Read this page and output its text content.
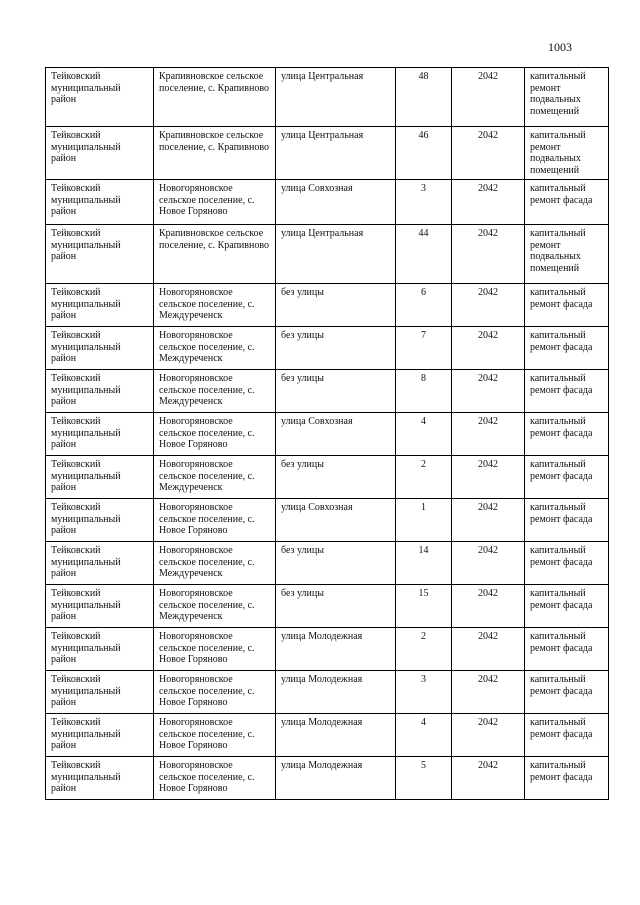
1003
Тейковский муниципальный район	Крапивновское сельское поселение, с. Крапивново	улица Центральная	48	2042	капитальный ремонт подвальных помещений
Тейковский муниципальный район	Крапивновское сельское поселение, с. Крапивново	улица Центральная	46	2042	капитальный ремонт подвальных помещений
Тейковский муниципальный район	Новогоряновское сельское поселение, с. Новое Горяново	улица Совхозная	3	2042	капитальный ремонт фасада
Тейковский муниципальный район	Крапивновское сельское поселение, с. Крапивново	улица Центральная	44	2042	капитальный ремонт подвальных помещений
Тейковский муниципальный район	Новогоряновское сельское поселение, с. Междуреченск	без улицы	6	2042	капитальный ремонт фасада
Тейковский муниципальный район	Новогоряновское сельское поселение, с. Междуреченск	без улицы	7	2042	капитальный ремонт фасада
Тейковский муниципальный район	Новогоряновское сельское поселение, с. Междуреченск	без улицы	8	2042	капитальный ремонт фасада
Тейковский муниципальный район	Новогоряновское сельское поселение, с. Новое Горяново	улица Совхозная	4	2042	капитальный ремонт фасада
Тейковский муниципальный район	Новогоряновское сельское поселение, с. Междуреченск	без улицы	2	2042	капитальный ремонт фасада
Тейковский муниципальный район	Новогоряновское сельское поселение, с. Новое Горяново	улица Совхозная	1	2042	капитальный ремонт фасада
Тейковский муниципальный район	Новогоряновское сельское поселение, с. Междуреченск	без улицы	14	2042	капитальный ремонт фасада
Тейковский муниципальный район	Новогоряновское сельское поселение, с. Междуреченск	без улицы	15	2042	капитальный ремонт фасада
Тейковский муниципальный район	Новогоряновское сельское поселение, с. Новое Горяново	улица Молодежная	2	2042	капитальный ремонт фасада
Тейковский муниципальный район	Новогоряновское сельское поселение, с. Новое Горяново	улица Молодежная	3	2042	капитальный ремонт фасада
Тейковский муниципальный район	Новогоряновское сельское поселение, с. Новое Горяново	улица Молодежная	4	2042	капитальный ремонт фасада
Тейковский муниципальный район	Новогоряновское сельское поселение, с. Новое Горяново	улица Молодежная	5	2042	капитальный ремонт фасада
